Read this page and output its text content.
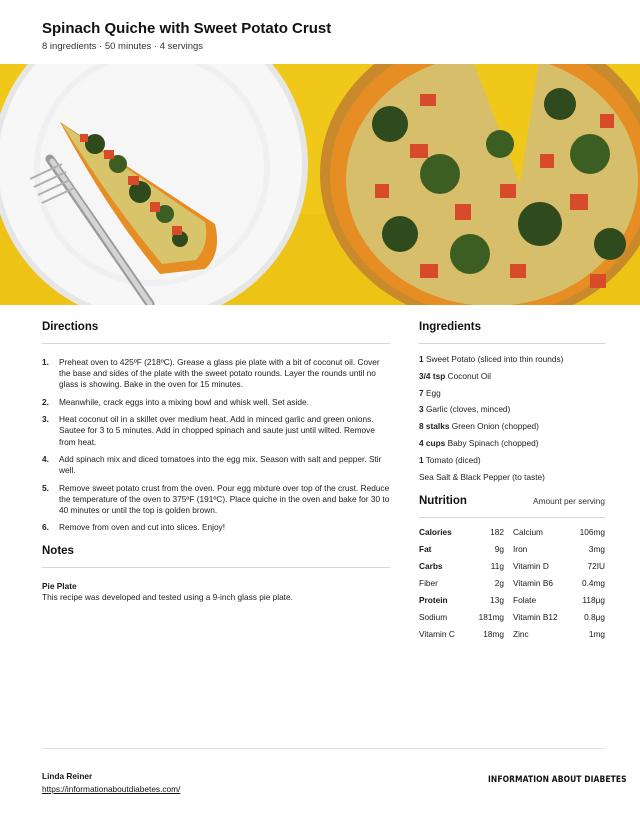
Spinach Quiche with Sweet Potato Crust
8 ingredients · 50 minutes · 4 servings
Directions
1.	Preheat oven to 425ºF (218ºC). Grease a glass pie plate with a bit of coconut oil. Cover the base and sides of the plate with the sweet potato rounds. Layer the rounds until no glass is showing. Bake in the oven for 15 minutes.
2.	Meanwhile, crack eggs into a mixing bowl and whisk well. Set aside.
3.	Heat coconut oil in a skillet over medium heat. Add in minced garlic and green onions. Sautee for 3 to 5 minutes. Add in chopped spinach and saute just until wilted. Remove from heat.
4.	Add spinach mix and diced tomatoes into the egg mix. Season with salt and pepper. Stir well.
5.	Remove sweet potato crust from the oven. Pour egg mixture over top of the crust. Reduce the temperature of the oven to 375ºF (191ºC). Place quiche in the oven and bake for 30 to 40 minutes or until the top is golden brown.
6.	Remove from oven and cut into slices. Enjoy!
Notes
Pie Plate
This recipe was developed and tested using a 9-inch glass pie plate.
Ingredients
1 Sweet Potato (sliced into thin rounds)
3/4 tsp Coconut Oil
7 Egg
3 Garlic (cloves, minced)
8 stalks Green Onion (chopped)
4 cups Baby Spinach (chopped)
1 Tomato (diced)
Sea Salt & Black Pepper (to taste)
Nutrition	Amount per serving
Calories	182	Calcium	106mg
Fat	9g	Iron	3mg
Carbs	11g	Vitamin D	72IU
Fiber	2g	Vitamin B6	0.4mg
Protein	13g	Folate	118μg
Sodium	181mg	Vitamin B12	0.8μg
Vitamin C	18mg	Zinc	1mg
Linda Reiner
https://informationaboutdiabetes.com/
INFORMATION ABOUT DIABETES
